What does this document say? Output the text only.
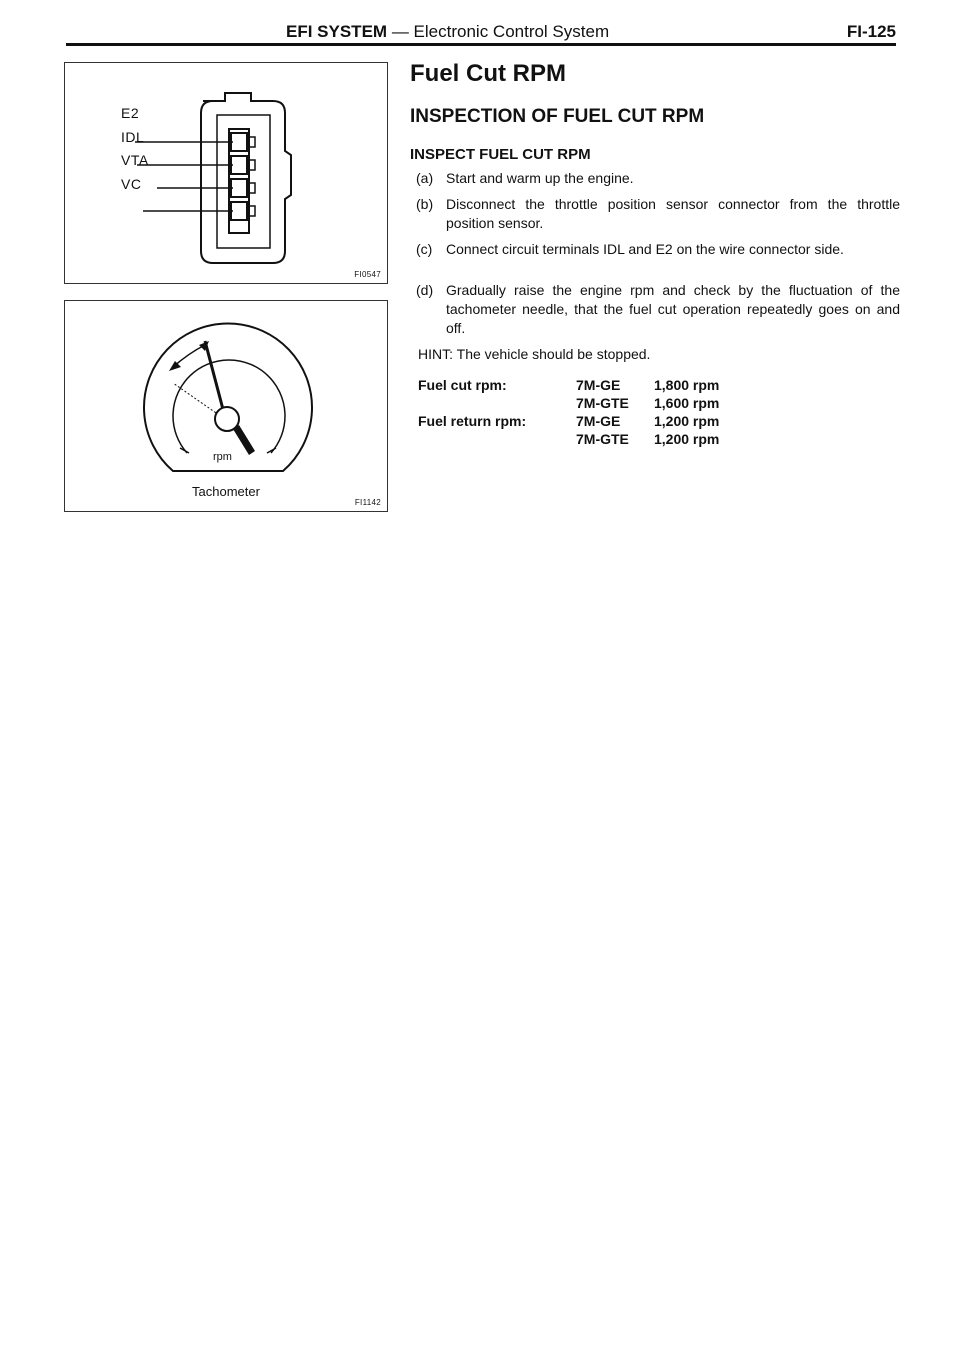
EFI SYSTEM — Electronic Control System	FI-125
E2
IDL
VTA
VC
FI0547
rpm
Tachometer
FI1142
Fuel Cut RPM
INSPECTION OF FUEL CUT RPM
INSPECT FUEL CUT RPM
(a) Start and warm up the engine.
(b) Disconnect the throttle position sensor connector from the throttle position sensor.
(c) Connect circuit terminals IDL and E2 on the wire connector side.
(d) Gradually raise the engine rpm and check by the fluctuation of the tachometer needle, that the fuel cut operation repeatedly goes on and off.

HINT: The vehicle should be stopped.

Fuel cut rpm:	7M-GE	1,800 rpm
	7M-GTE	1,600 rpm
Fuel return rpm:	7M-GE	1,200 rpm
	7M-GTE	1,200 rpm
